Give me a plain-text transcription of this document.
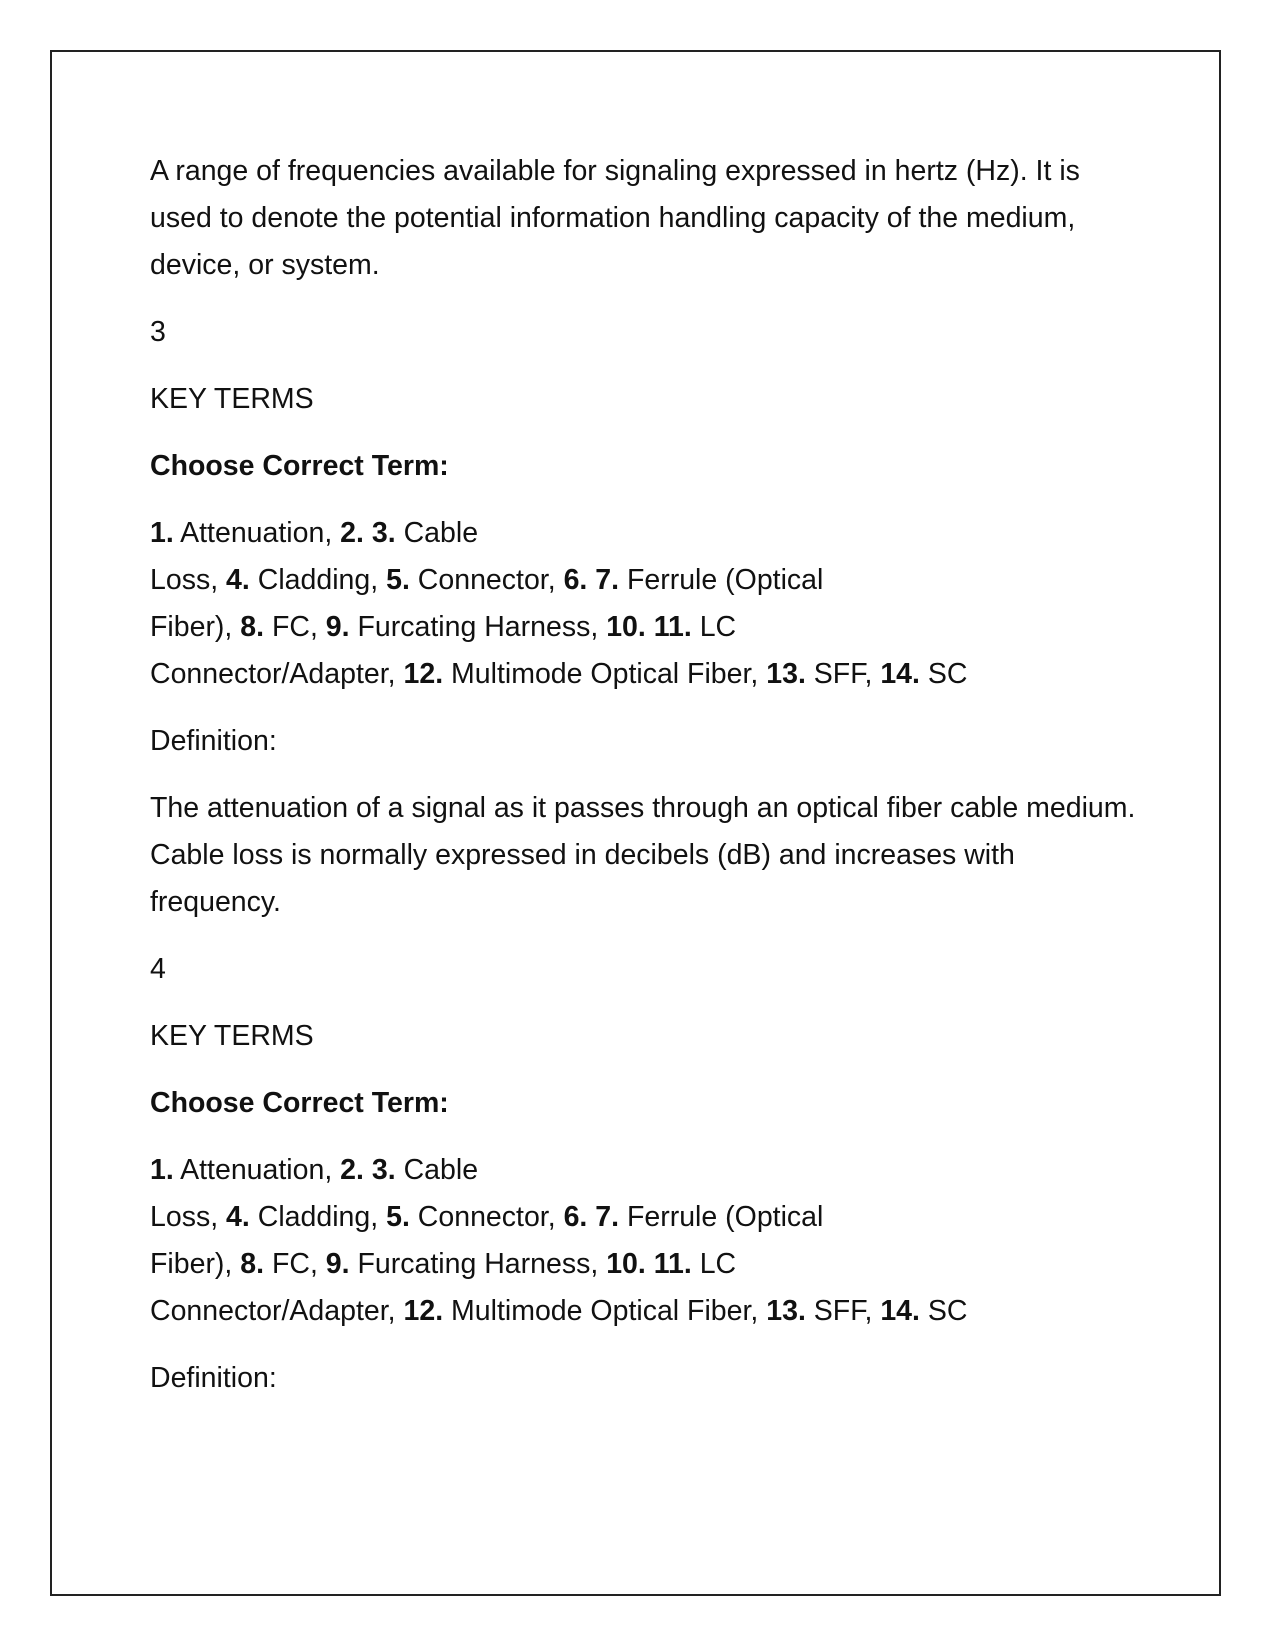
A range of frequencies available for signaling expressed in hertz (Hz). It is used to denote the potential information handling capacity of the medium, device, or system.

3

KEY TERMS

Choose Correct Term:

1. Attenuation, 2. 3. Cable
Loss, 4. Cladding, 5. Connector, 6. 7. Ferrule (Optical
Fiber), 8. FC, 9. Furcating Harness, 10. 11. LC
Connector/Adapter, 12. Multimode Optical Fiber, 13. SFF, 14. SC

Definition:

The attenuation of a signal as it passes through an optical fiber cable medium. Cable loss is normally expressed in decibels (dB) and increases with frequency.

4

KEY TERMS

Choose Correct Term:

1. Attenuation, 2. 3. Cable
Loss, 4. Cladding, 5. Connector, 6. 7. Ferrule (Optical
Fiber), 8. FC, 9. Furcating Harness, 10. 11. LC
Connector/Adapter, 12. Multimode Optical Fiber, 13. SFF, 14. SC

Definition:
